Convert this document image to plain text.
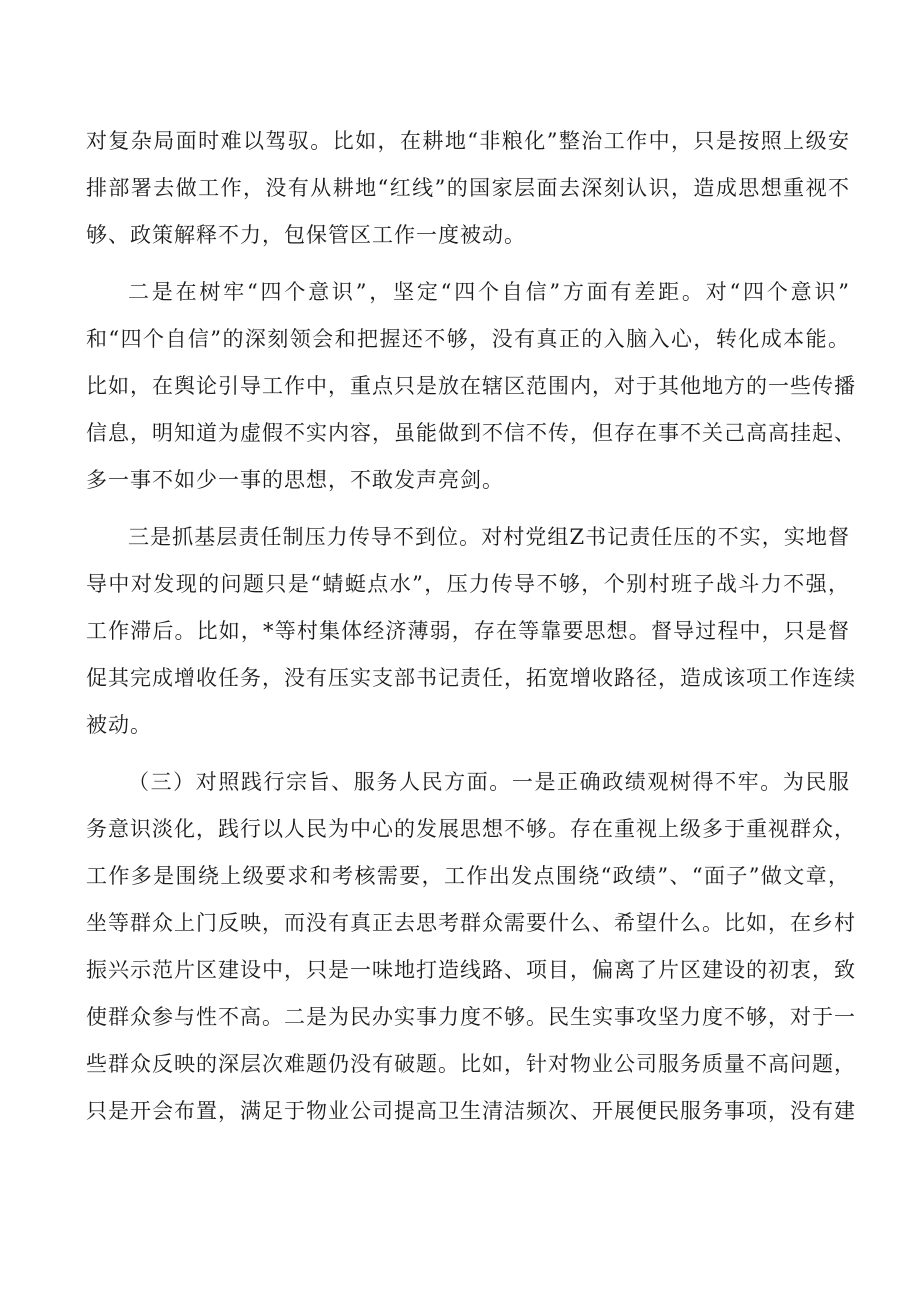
对复杂局面时难以驾驭。比如，在耕地“非粮化”整治工作中，只是按照上级安
排部署去做工作，没有从耕地“红线”的国家层面去深刻认识，造成思想重视不
够、政策解释不力，包保管区工作一度被动。
二是在树牢“四个意识”，坚定“四个自信”方面有差距。对“四个意识”
和“四个自信”的深刻领会和把握还不够，没有真正的入脑入心，转化成本能。
比如，在舆论引导工作中，重点只是放在辖区范围内，对于其他地方的一些传播
信息，明知道为虚假不实内容，虽能做到不信不传，但存在事不关己高高挂起、
多一事不如少一事的思想，不敢发声亮剑。
三是抓基层责任制压力传导不到位。对村党组Z书记责任压的不实，实地督
导中对发现的问题只是“蜻蜓点水”，压力传导不够，个别村班子战斗力不强，
工作滞后。比如，*等村集体经济薄弱，存在等靠要思想。督导过程中，只是督
促其完成增收任务，没有压实支部书记责任，拓宽增收路径，造成该项工作连续
被动。
（三）对照践行宗旨、服务人民方面。一是正确政绩观树得不牢。为民服
务意识淡化，践行以人民为中心的发展思想不够。存在重视上级多于重视群众，
工作多是围绕上级要求和考核需要，工作出发点围绕“政绩”、“面子”做文章，
坐等群众上门反映，而没有真正去思考群众需要什么、希望什么。比如，在乡村
振兴示范片区建设中，只是一味地打造线路、项目，偏离了片区建设的初衷，致
使群众参与性不高。二是为民办实事力度不够。民生实事攻坚力度不够，对于一
些群众反映的深层次难题仍没有破题。比如，针对物业公司服务质量不高问题，
只是开会布置，满足于物业公司提高卫生清洁频次、开展便民服务事项，没有建
